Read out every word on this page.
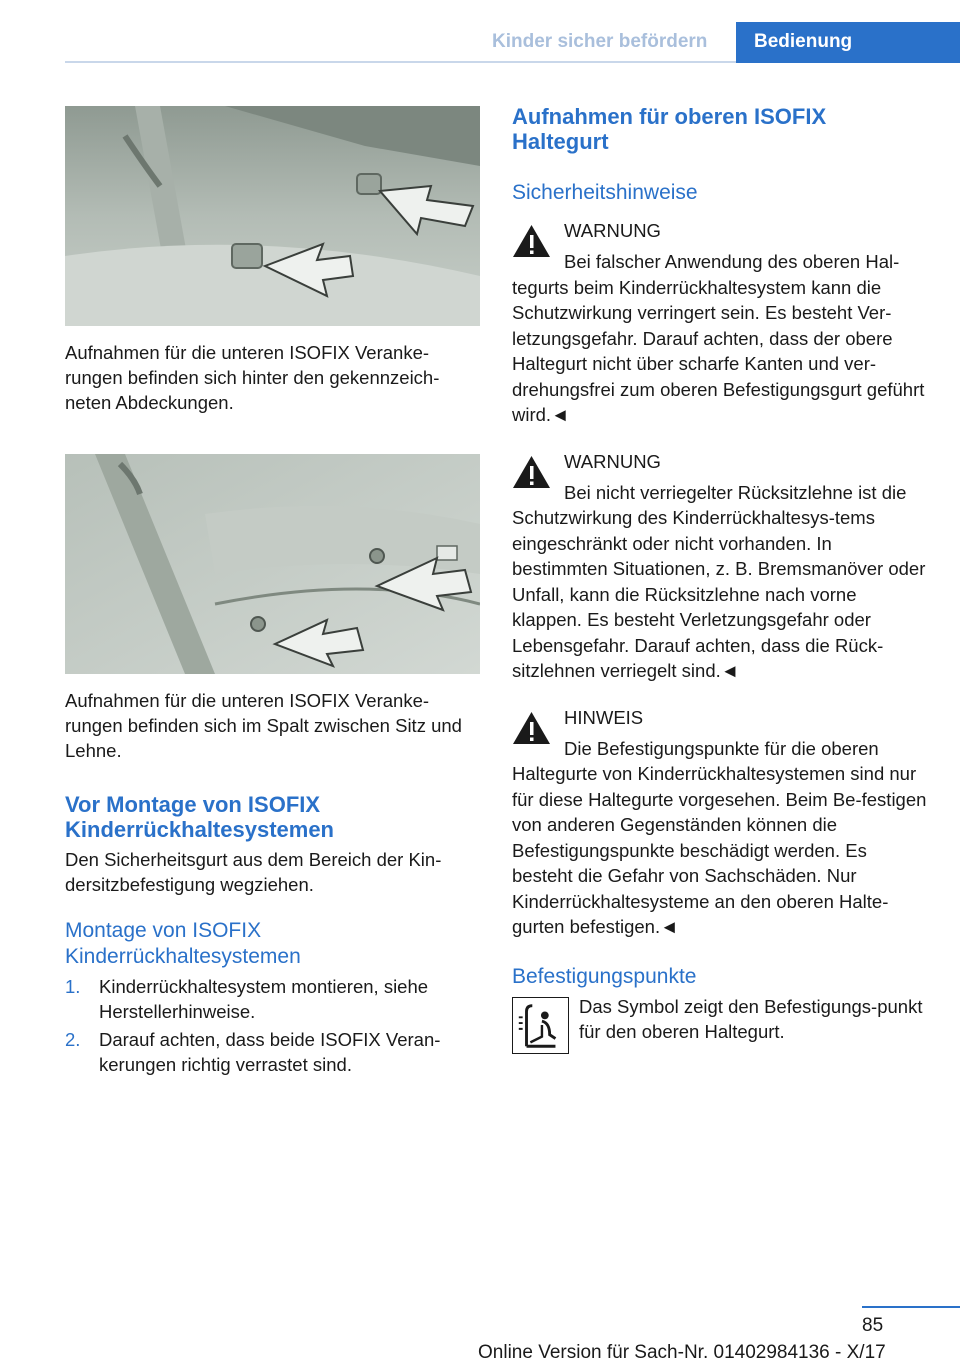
Kinder sicher befördern	Bedienung

Aufnahmen für die unteren ISOFIX Veranke-rungen befinden sich hinter den gekennzeich-neten Abdeckungen.

Aufnahmen für die unteren ISOFIX Veranke-rungen befinden sich im Spalt zwischen Sitz und Lehne.

Vor Montage von ISOFIX Kinderrückhaltesystemen

Den Sicherheitsgurt aus dem Bereich der Kin-dersitzbefestigung wegziehen.

Montage von ISOFIX Kinderrückhaltesystemen
1.	Kinderrückhaltesystem montieren, siehe Herstellerhinweise.
2.	Darauf achten, dass beide ISOFIX Veran-kerungen richtig verrastet sind.
Aufnahmen für oberen ISOFIX Haltegurt
Sicherheitshinweise
WARNUNG

Bei falscher Anwendung des oberen Hal-tegurts beim Kinderrückhaltesystem kann die Schutzwirkung verringert sein. Es besteht Ver-letzungsgefahr. Darauf achten, dass der obere Haltegurt nicht über scharfe Kanten und ver-drehungsfrei zum oberen Befestigungsgurt geführt wird.◄

WARNUNG

Bei nicht verriegelter Rücksitzlehne ist die Schutzwirkung des Kinderrückhaltesys-tems eingeschränkt oder nicht vorhanden. In bestimmten Situationen, z. B. Bremsmanöver oder Unfall, kann die Rücksitzlehne nach vorne klappen. Es besteht Verletzungsgefahr oder Lebensgefahr. Darauf achten, dass die Rück-sitzlehnen verriegelt sind.◄

HINWEIS

Die Befestigungspunkte für die oberen Haltegurte von Kinderrückhaltesystemen sind nur für diese Haltegurte vorgesehen. Beim Be-festigen von anderen Gegenständen können die Befestigungspunkte beschädigt werden. Es besteht die Gefahr von Sachschäden. Nur Kinderrückhaltesysteme an den oberen Halte-gurten befestigen.◄

Befestigungspunkte

Das Symbol zeigt den Befestigungs-punkt für den oberen Haltegurt.

85
Online Version für Sach-Nr. 01402984136 - X/17
